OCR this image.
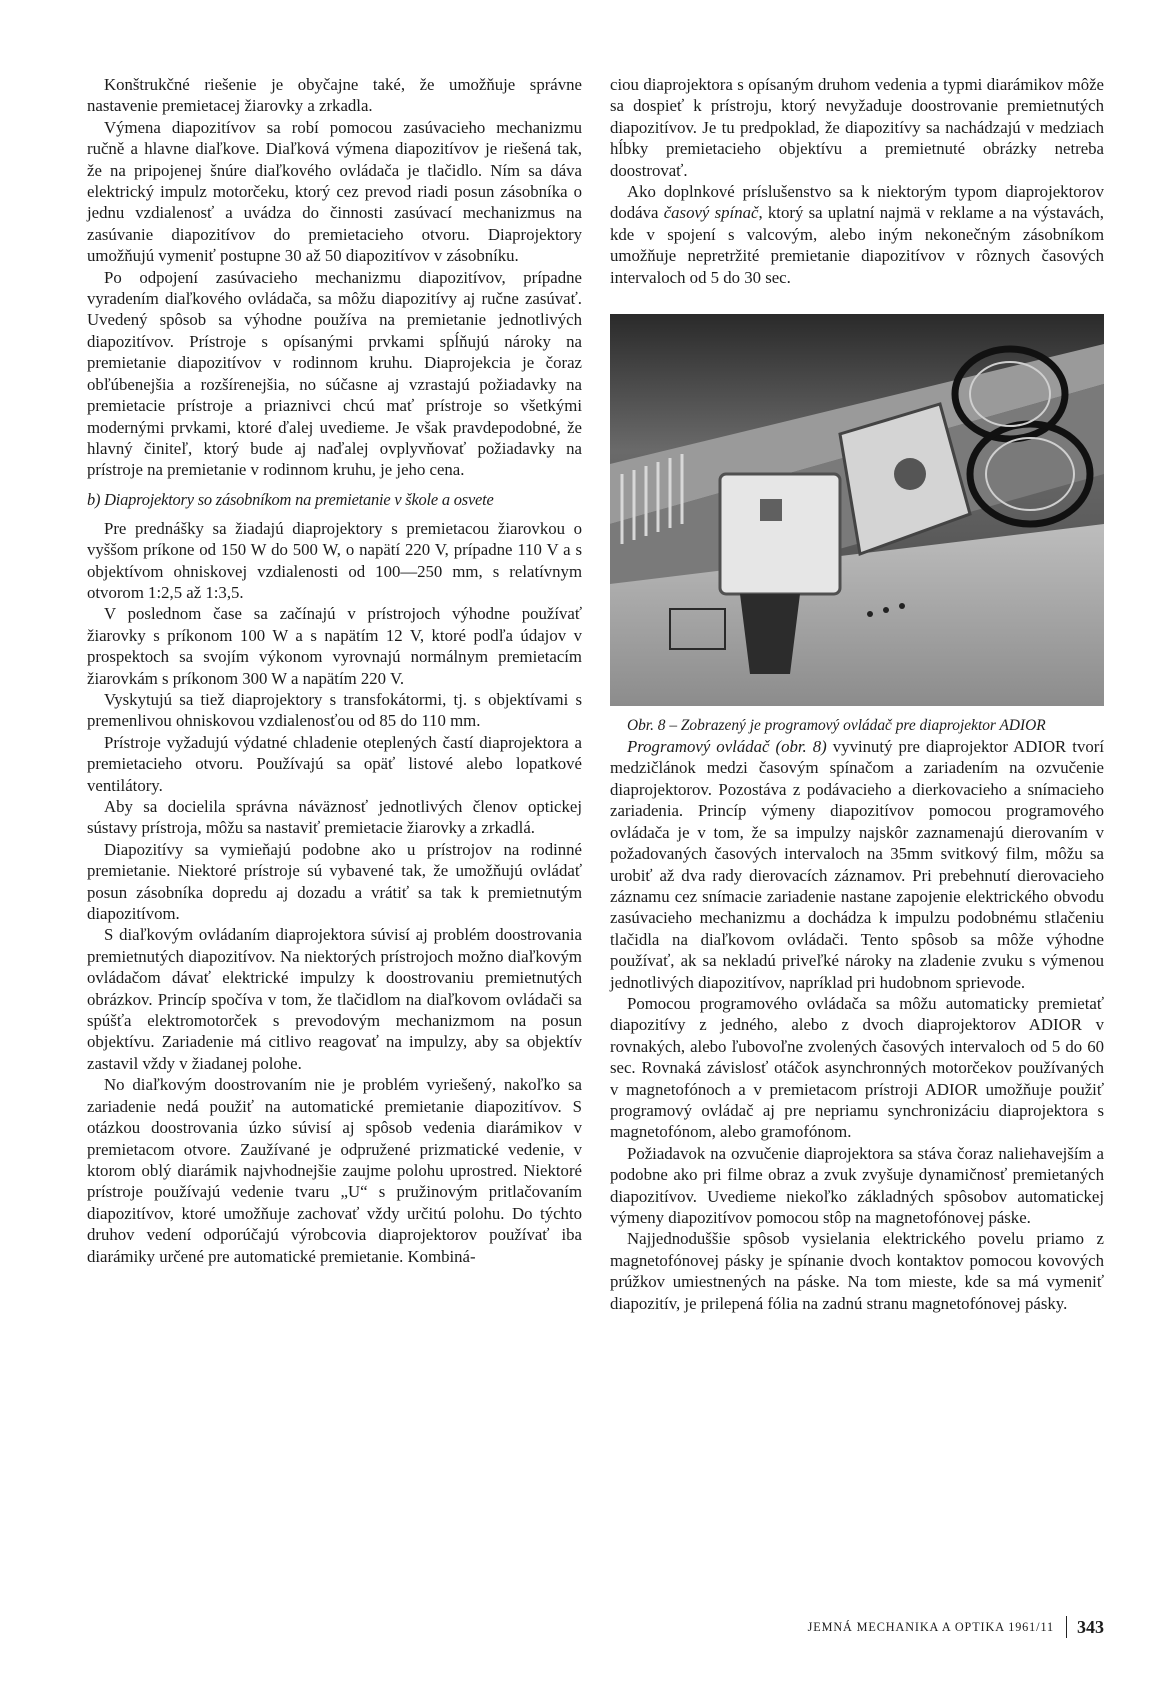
Konštrukčné riešenie je obyčajne také, že umožňuje správne nastavenie premietacej žiarovky a zrkadla.

Výmena diapozitívov sa robí pomocou zasúvacieho mechanizmu ručně a hlavne diaľkove. Diaľková výmena diapozitívov je riešená tak, že na pripojenej šnúre diaľkového ovládača je tlačidlo. Ním sa dáva elektrický impulz motorčeku, ktorý cez prevod riadi posun zásobníka o jednu vzdialenosť a uvádza do činnosti zasúvací mechanizmus na zasúvanie diapozitívov do premietacieho otvoru. Diaprojektory umožňujú vymeniť postupne 30 až 50 diapozitívov v zásobníku.

Po odpojení zasúvacieho mechanizmu diapozitívov, prípadne vyradením diaľkového ovládača, sa môžu diapozitívy aj ručne zasúvať. Uvedený spôsob sa výhodne používa na premietanie jednotlivých diapozitívov. Prístroje s opísanými prvkami spĺňujú nároky na premietanie diapozitívov v rodinnom kruhu. Diaprojekcia je čoraz obľúbenejšia a rozšírenejšia, no súčasne aj vzrastajú požiadavky na premietacie prístroje a priaznivci chcú mať prístroje so všetkými modernými prvkami, ktoré ďalej uvedieme. Je však pravdepodobné, že hlavný činiteľ, ktorý bude aj naďalej ovplyvňovať požiadavky na prístroje na premietanie v rodinnom kruhu, je jeho cena.

b) Diaprojektory so zásobníkom na premietanie v škole a osvete

Pre prednášky sa žiadajú diaprojektory s premietacou žiarovkou o vyššom príkone od 150 W do 500 W, o napätí 220 V, prípadne 110 V a s objektívom ohniskovej vzdialenosti od 100—250 mm, s relatívnym otvorom 1:2,5 až 1:3,5.

V poslednom čase sa začínajú v prístrojoch výhodne používať žiarovky s príkonom 100 W a s napätím 12 V, ktoré podľa údajov v prospektoch sa svojím výkonom vyrovnajú normálnym premietacím žiarovkám s príkonom 300 W a napätím 220 V.

Vyskytujú sa tiež diaprojektory s transfokátormi, tj. s objektívami s premenlivou ohniskovou vzdialenosťou od 85 do 110 mm.

Prístroje vyžadujú výdatné chladenie oteplených častí diaprojektora a premietacieho otvoru. Používajú sa opäť listové alebo lopatkové ventilátory.

Aby sa docielila správna náväznosť jednotlivých členov optickej sústavy prístroja, môžu sa nastaviť premietacie žiarovky a zrkadlá.

Diapozitívy sa vymieňajú podobne ako u prístrojov na rodinné premietanie. Niektoré prístroje sú vybavené tak, že umožňujú ovládať posun zásobníka dopredu aj dozadu a vrátiť sa tak k premietnutým diapozitívom.

S diaľkovým ovládaním diaprojektora súvisí aj problém doostrovania premietnutých diapozitívov. Na niektorých prístrojoch možno diaľkovým ovládačom dávať elektrické impulzy k doostrovaniu premietnutých obrázkov. Princíp spočíva v tom, že tlačidlom na diaľkovom ovládači sa spúšťa elektromotorček s prevodovým mechanizmom na posun objektívu. Zariadenie má citlivo reagovať na impulzy, aby sa objektív zastavil vždy v žiadanej polohe.

No diaľkovým doostrovaním nie je problém vyriešený, nakoľko sa zariadenie nedá použiť na automatické premietanie diapozitívov. S otázkou doostrovania úzko súvisí aj spôsob vedenia diarámikov v premietacom otvore. Zaužívané je odpružené prizmatické vedenie, v ktorom oblý diarámik najvhodnejšie zaujme polohu uprostred. Niektoré prístroje používajú vedenie tvaru „U“ s pružinovým pritlačovaním diapozitívov, ktoré umožňuje zachovať vždy určitú polohu. Do týchto druhov vedení odporúčajú výrobcovia diaprojektorov používať iba diarámiky určené pre automatické premietanie. Kombiná-

ciou diaprojektora s opísaným druhom vedenia a typmi diarámikov môže sa dospieť k prístroju, ktorý nevyžaduje doostrovanie premietnutých diapozitívov. Je tu predpoklad, že diapozitívy sa nachádzajú v medziach hĺbky premietacieho objektívu a premietnuté obrázky netreba doostrovať.

Ako doplnkové príslušenstvo sa k niektorým typom diaprojektorov dodáva časový spínač, ktorý sa uplatní najmä v reklame a na výstavách, kde v spojení s valcovým, alebo iným nekonečným zásobníkom umožňuje nepretržité premietanie diapozitívov v rôznych časových intervaloch od 5 do 30 sec.

Obr. 8 – Zobrazený je programový ovládač pre diaprojektor ADIOR

Programový ovládač (obr. 8) vyvinutý pre diaprojektor ADIOR tvorí medzičlánok medzi časovým spínačom a zariadením na ozvučenie diaprojektorov. Pozostáva z podávacieho a dierkovacieho a snímacieho zariadenia. Princíp výmeny diapozitívov pomocou programového ovládača je v tom, že sa impulzy najskôr zaznamenajú dierovaním v požadovaných časových intervaloch na 35mm svitkový film, môžu sa urobiť až dva rady dierovacích záznamov. Pri prebehnutí dierovacieho záznamu cez snímacie zariadenie nastane zapojenie elektrického obvodu zasúvacieho mechanizmu a dochádza k impulzu podobnému stlačeniu tlačidla na diaľkovom ovládači. Tento spôsob sa môže výhodne používať, ak sa nekladú priveľké nároky na zladenie zvuku s výmenou jednotlivých diapozitívov, napríklad pri hudobnom sprievode.

Pomocou programového ovládača sa môžu automaticky premietať diapozitívy z jedného, alebo z dvoch diaprojektorov ADIOR v rovnakých, alebo ľubovoľne zvolených časových intervaloch od 5 do 60 sec. Rovnaká závislosť otáčok asynchronných motorčekov používaných v magnetofónoch a v premietacom prístroji ADIOR umožňuje použiť programový ovládač aj pre nepriamu synchronizáciu diaprojektora s magnetofónom, alebo gramofónom.

Požiadavok na ozvučenie diaprojektora sa stáva čoraz naliehavejším a podobne ako pri filme obraz a zvuk zvyšuje dynamičnosť premietaných diapozitívov. Uvedieme niekoľko základných spôsobov automatickej výmeny diapozitívov pomocou stôp na magnetofónovej páske.

Najjednoduššie spôsob vysielania elektrického povelu priamo z magnetofónovej pásky je spínanie dvoch kontaktov pomocou kovových prúžkov umiestnených na páske. Na tom mieste, kde sa má vymeniť diapozitív, je prilepená fólia na zadnú stranu magnetofónovej pásky.

JEMNÁ MECHANIKA A OPTIKA 1961/11 343
